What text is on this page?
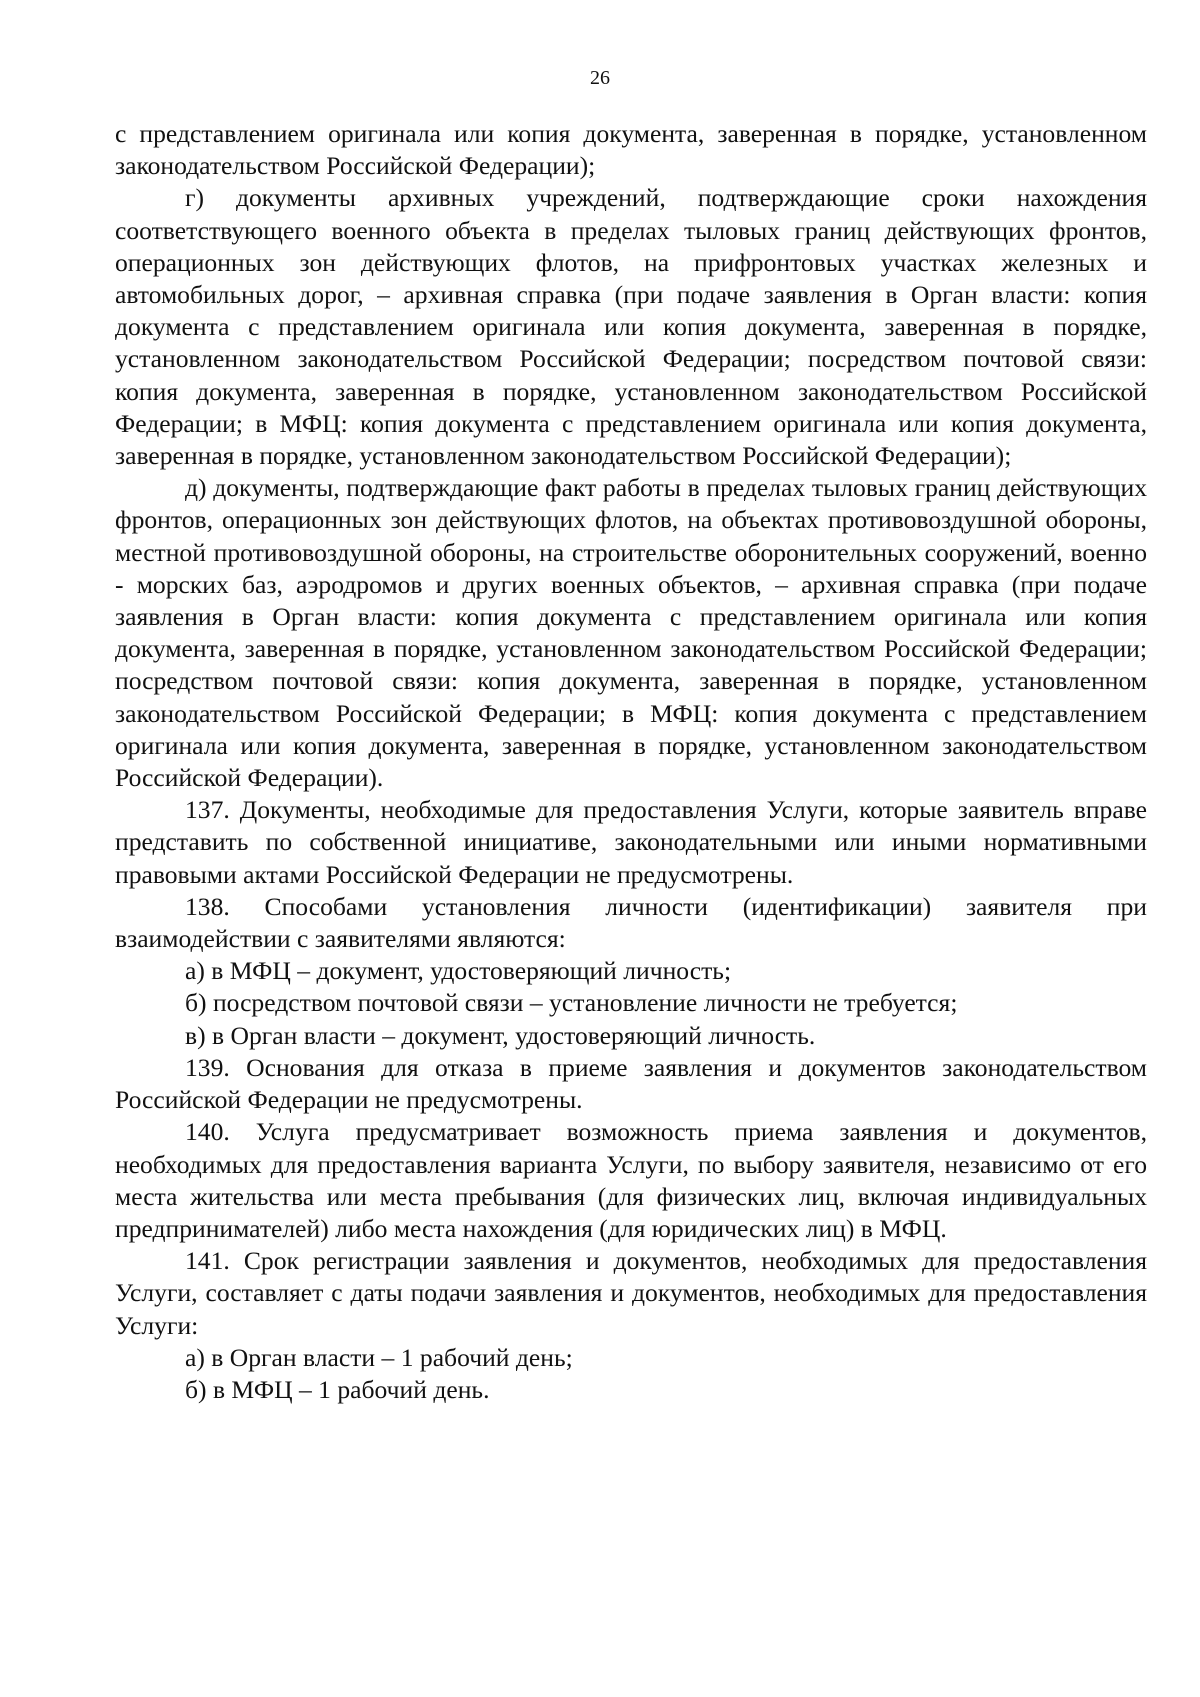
26

с представлением оригинала или копия документа, заверенная в порядке, установленном законодательством Российской Федерации);

г) документы архивных учреждений, подтверждающие сроки нахождения соответствующего военного объекта в пределах тыловых границ действующих фронтов, операционных зон действующих флотов, на прифронтовых участках железных и автомобильных дорог, – архивная справка (при подаче заявления в Орган власти: копия документа с представлением оригинала или копия документа, заверенная в порядке, установленном законодательством Российской Федерации; посредством почтовой связи: копия документа, заверенная в порядке, установленном законодательством Российской Федерации; в МФЦ: копия документа с представлением оригинала или копия документа, заверенная в порядке, установленном законодательством Российской Федерации);

д) документы, подтверждающие факт работы в пределах тыловых границ действующих фронтов, операционных зон действующих флотов, на объектах противовоздушной обороны, местной противовоздушной обороны, на строительстве оборонительных сооружений, военно - морских баз, аэродромов и других военных объектов, – архивная справка (при подаче заявления в Орган власти: копия документа с представлением оригинала или копия документа, заверенная в порядке, установленном законодательством Российской Федерации; посредством почтовой связи: копия документа, заверенная в порядке, установленном законодательством Российской Федерации; в МФЦ: копия документа с представлением оригинала или копия документа, заверенная в порядке, установленном законодательством Российской Федерации).

137. Документы, необходимые для предоставления Услуги, которые заявитель вправе представить по собственной инициативе, законодательными или иными нормативными правовыми актами Российской Федерации не предусмотрены.

138. Способами установления личности (идентификации) заявителя при взаимодействии с заявителями являются:

а) в МФЦ – документ, удостоверяющий личность;

б) посредством почтовой связи – установление личности не требуется;

в) в Орган власти – документ, удостоверяющий личность.

139. Основания для отказа в приеме заявления и документов законодательством Российской Федерации не предусмотрены.

140. Услуга предусматривает возможность приема заявления и документов, необходимых для предоставления варианта Услуги, по выбору заявителя, независимо от его места жительства или места пребывания (для физических лиц, включая индивидуальных предпринимателей) либо места нахождения (для юридических лиц) в МФЦ.

141. Срок регистрации заявления и документов, необходимых для предоставления Услуги, составляет с даты подачи заявления и документов, необходимых для предоставления Услуги:

а) в Орган власти – 1 рабочий день;

б) в МФЦ – 1 рабочий день.
